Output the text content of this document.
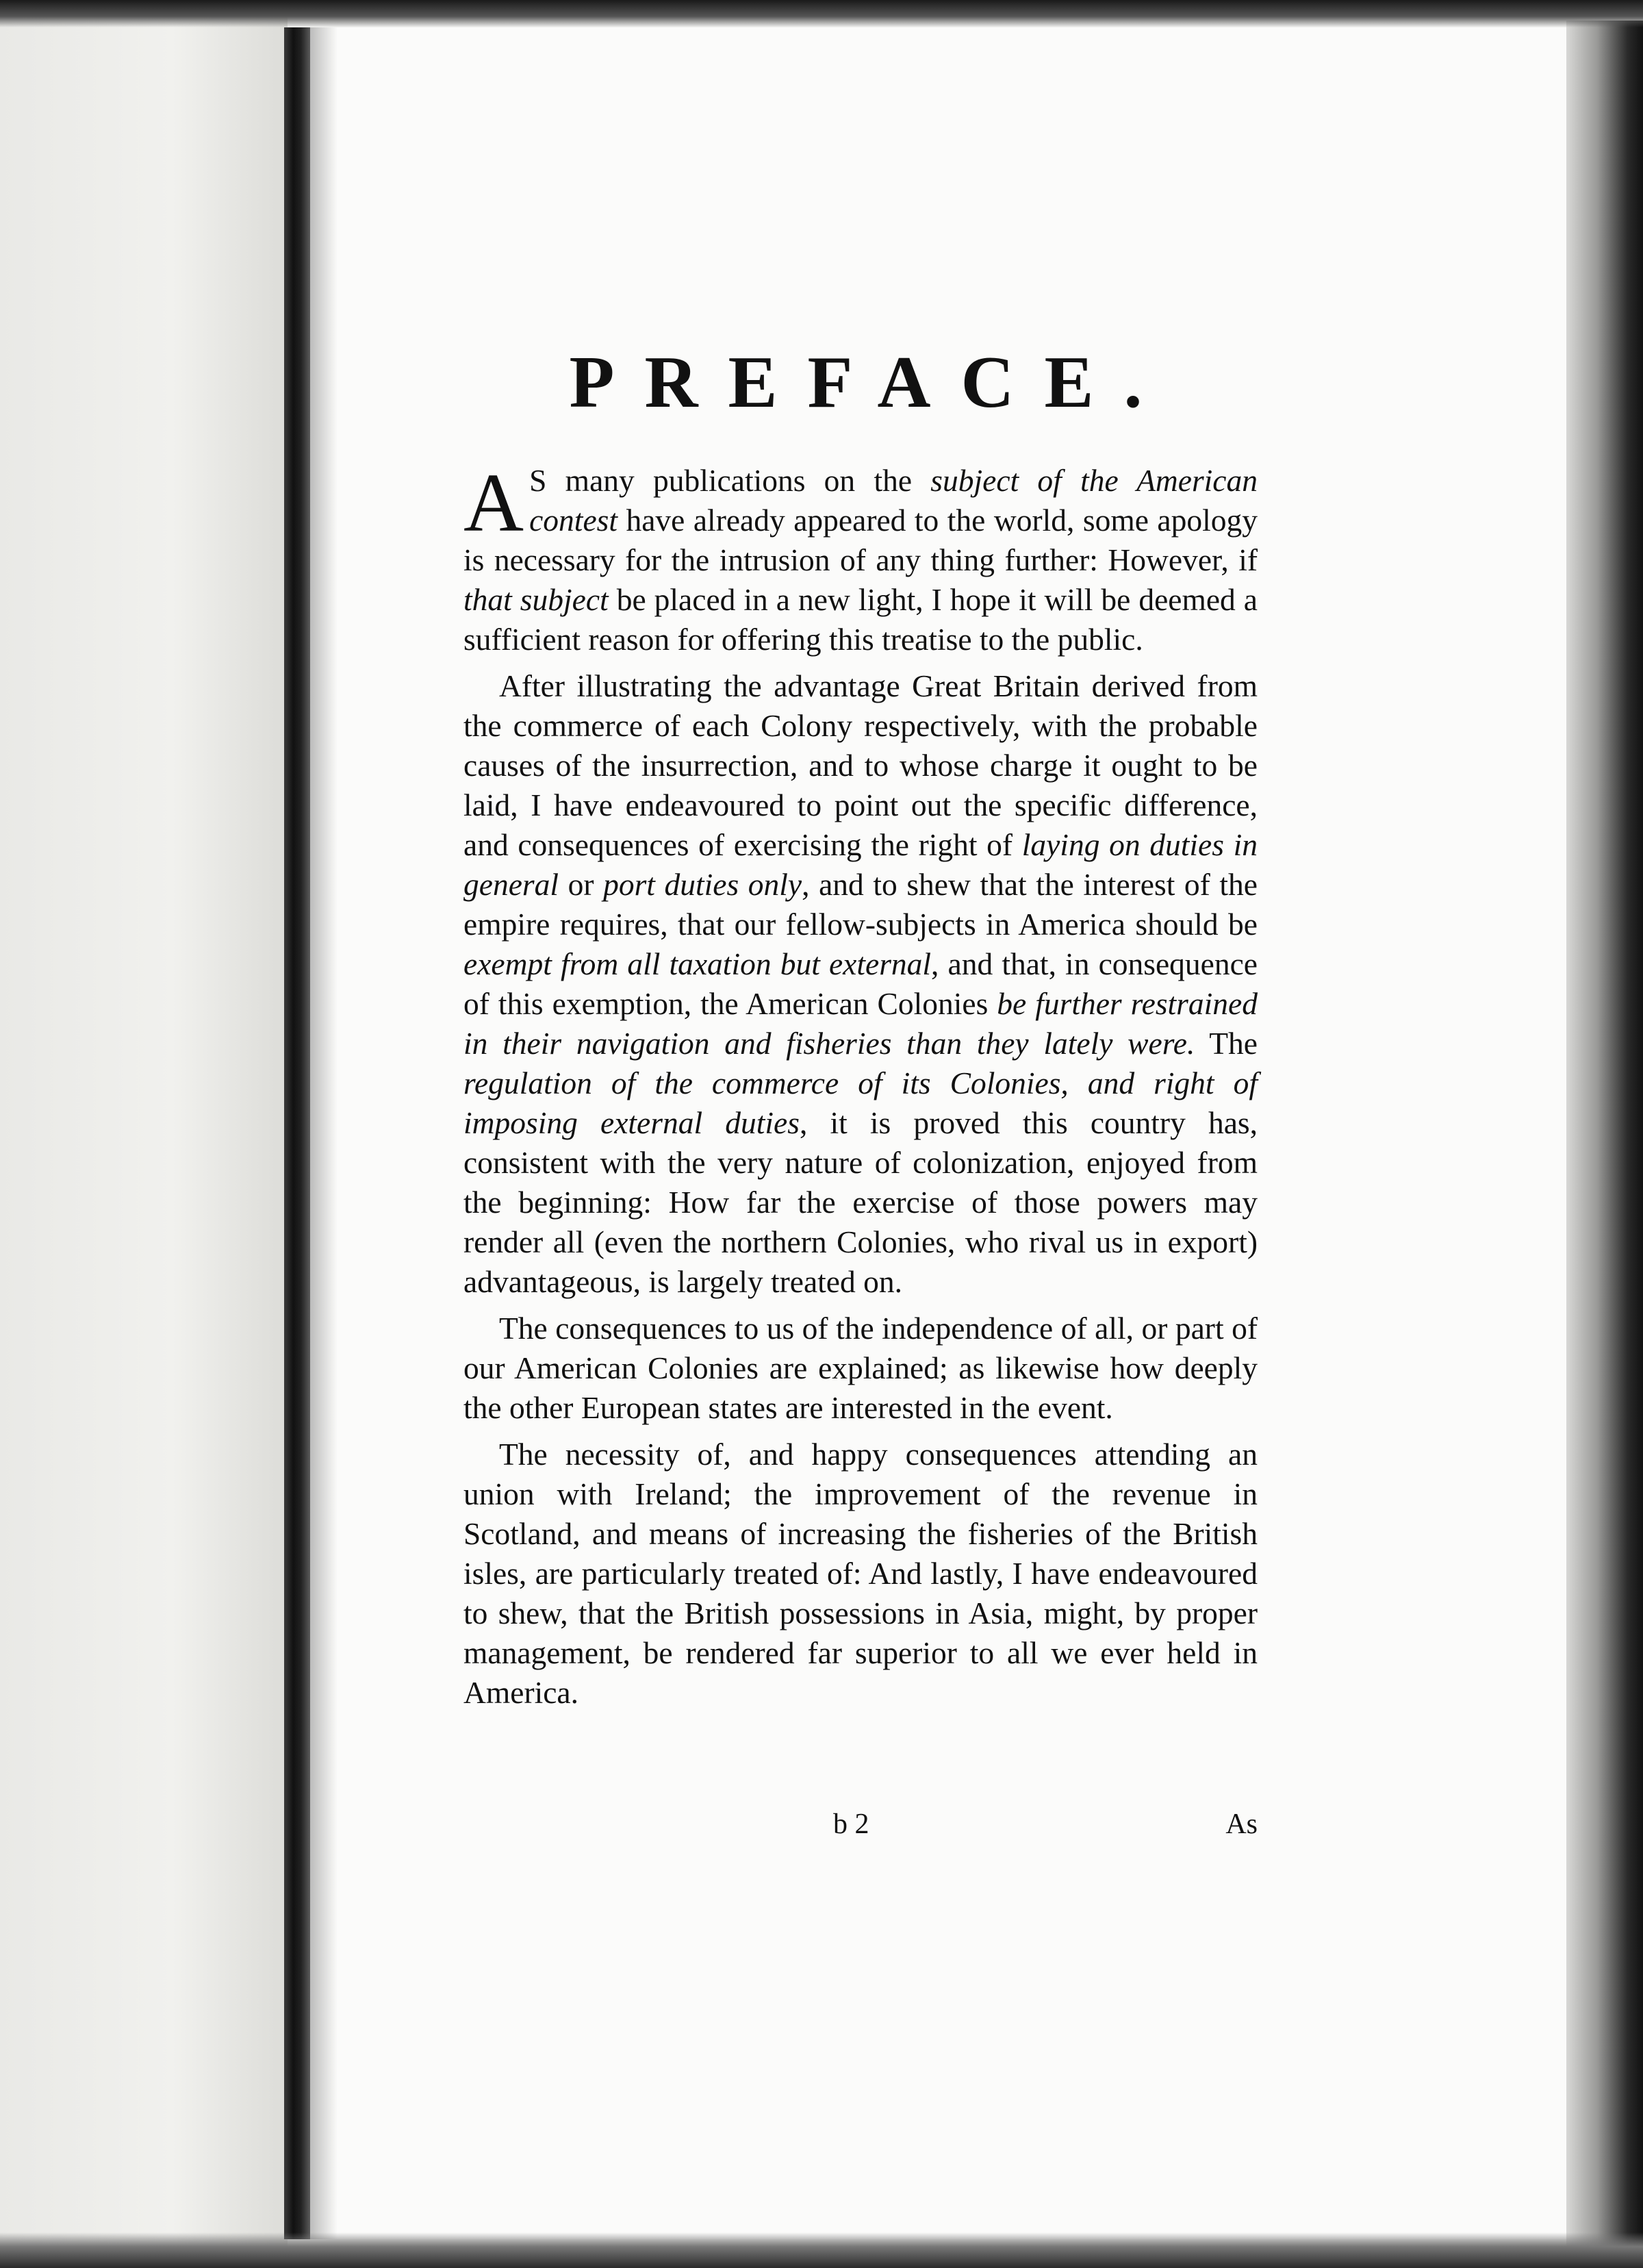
PREFACE.

A S many publications on the subject of the American contest have already appeared to the world, some apology is necessary for the intrusion of any thing further: However, if that subject be placed in a new light, I hope it will be deemed a sufficient reason for offering this treatise to the public.

After illustrating the advantage Great Britain derived from the commerce of each Colony respectively, with the probable causes of the insurrection, and to whose charge it ought to be laid, I have endeavoured to point out the specific difference, and consequences of exercising the right of laying on duties in general or port duties only, and to shew that the interest of the empire requires, that our fellow-subjects in America should be exempt from all taxation but external, and that, in consequence of this exemption, the American Colonies be further restrained in their navigation and fisheries than they lately were. The regulation of the commerce of its Colonies, and right of imposing external duties, it is proved this country has, consistent with the very nature of colonization, enjoyed from the beginning: How far the exercise of those powers may render all (even the northern Colonies, who rival us in export) advantageous, is largely treated on.

The consequences to us of the independence of all, or part of our American Colonies are explained; as likewise how deeply the other European states are interested in the event.

The necessity of, and happy consequences attending an union with Ireland; the improvement of the revenue in Scotland, and means of increasing the fisheries of the British isles, are particularly treated of: And lastly, I have endeavoured to shew, that the British possessions in Asia, might, by proper management, be rendered far superior to all we ever held in America.

b 2	As
